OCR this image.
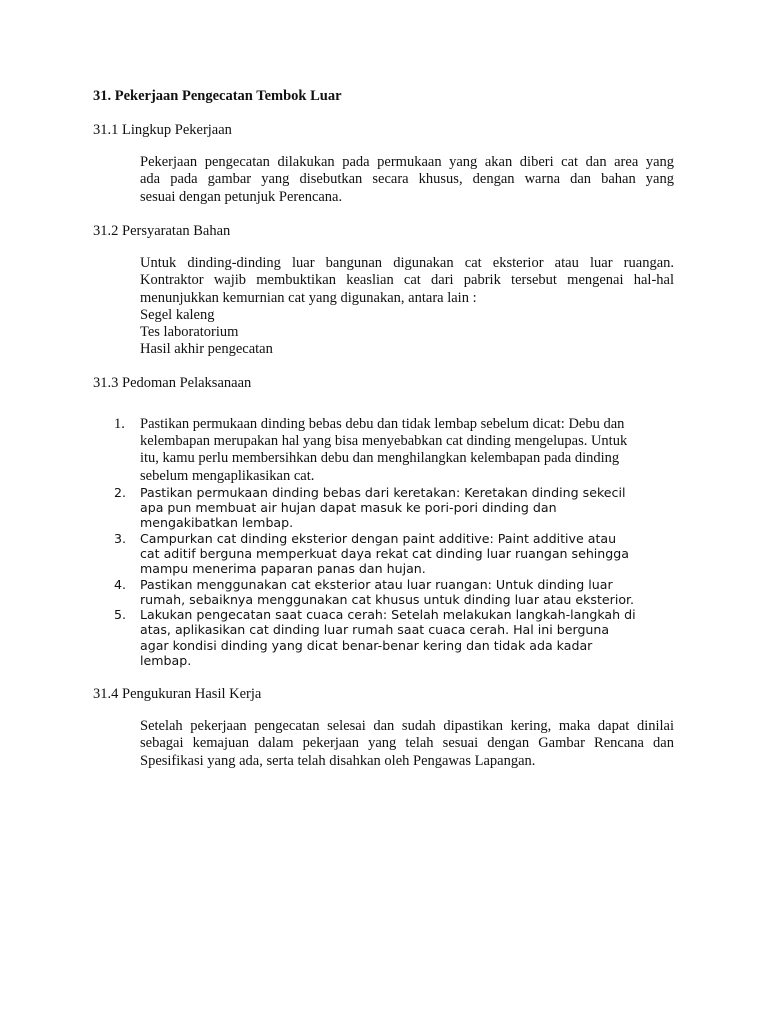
31. Pekerjaan Pengecatan Tembok Luar
31.1 Lingkup Pekerjaan
Pekerjaan pengecatan dilakukan pada permukaan yang akan diberi cat dan area yang
ada pada gambar yang disebutkan secara khusus, dengan warna dan bahan yang
sesuai dengan petunjuk Perencana.
31.2 Persyaratan Bahan
Untuk dinding-dinding luar bangunan digunakan cat eksterior atau luar ruangan.
Kontraktor wajib membuktikan keaslian cat dari pabrik tersebut mengenai hal-hal
menunjukkan kemurnian cat yang digunakan, antara lain :
Segel kaleng
Tes laboratorium
Hasil akhir pengecatan
31.3 Pedoman Pelaksanaan
1.	Pastikan permukaan dinding bebas debu dan tidak lembap sebelum dicat: Debu dan
kelembapan merupakan hal yang bisa menyebabkan cat dinding mengelupas. Untuk
itu, kamu perlu membersihkan debu dan menghilangkan kelembapan pada dinding
sebelum mengaplikasikan cat.
2.	Pastikan permukaan dinding bebas dari keretakan: Keretakan dinding sekecil
apa pun membuat air hujan dapat masuk ke pori-pori dinding dan
mengakibatkan lembap.
3.	Campurkan cat dinding eksterior dengan paint additive: Paint additive atau
cat aditif berguna memperkuat daya rekat cat dinding luar ruangan sehingga
mampu menerima paparan panas dan hujan.
4.	Pastikan menggunakan cat eksterior atau luar ruangan: Untuk dinding luar
rumah, sebaiknya menggunakan cat khusus untuk dinding luar atau eksterior.
5.	Lakukan pengecatan saat cuaca cerah: Setelah melakukan langkah-langkah di
atas, aplikasikan cat dinding luar rumah saat cuaca cerah. Hal ini berguna
agar kondisi dinding yang dicat benar-benar kering dan tidak ada kadar
lembap.
31.4 Pengukuran Hasil Kerja
Setelah pekerjaan pengecatan selesai dan sudah dipastikan kering, maka dapat dinilai
sebagai kemajuan dalam pekerjaan yang telah sesuai dengan Gambar Rencana dan
Spesifikasi yang ada, serta telah disahkan oleh Pengawas Lapangan.
